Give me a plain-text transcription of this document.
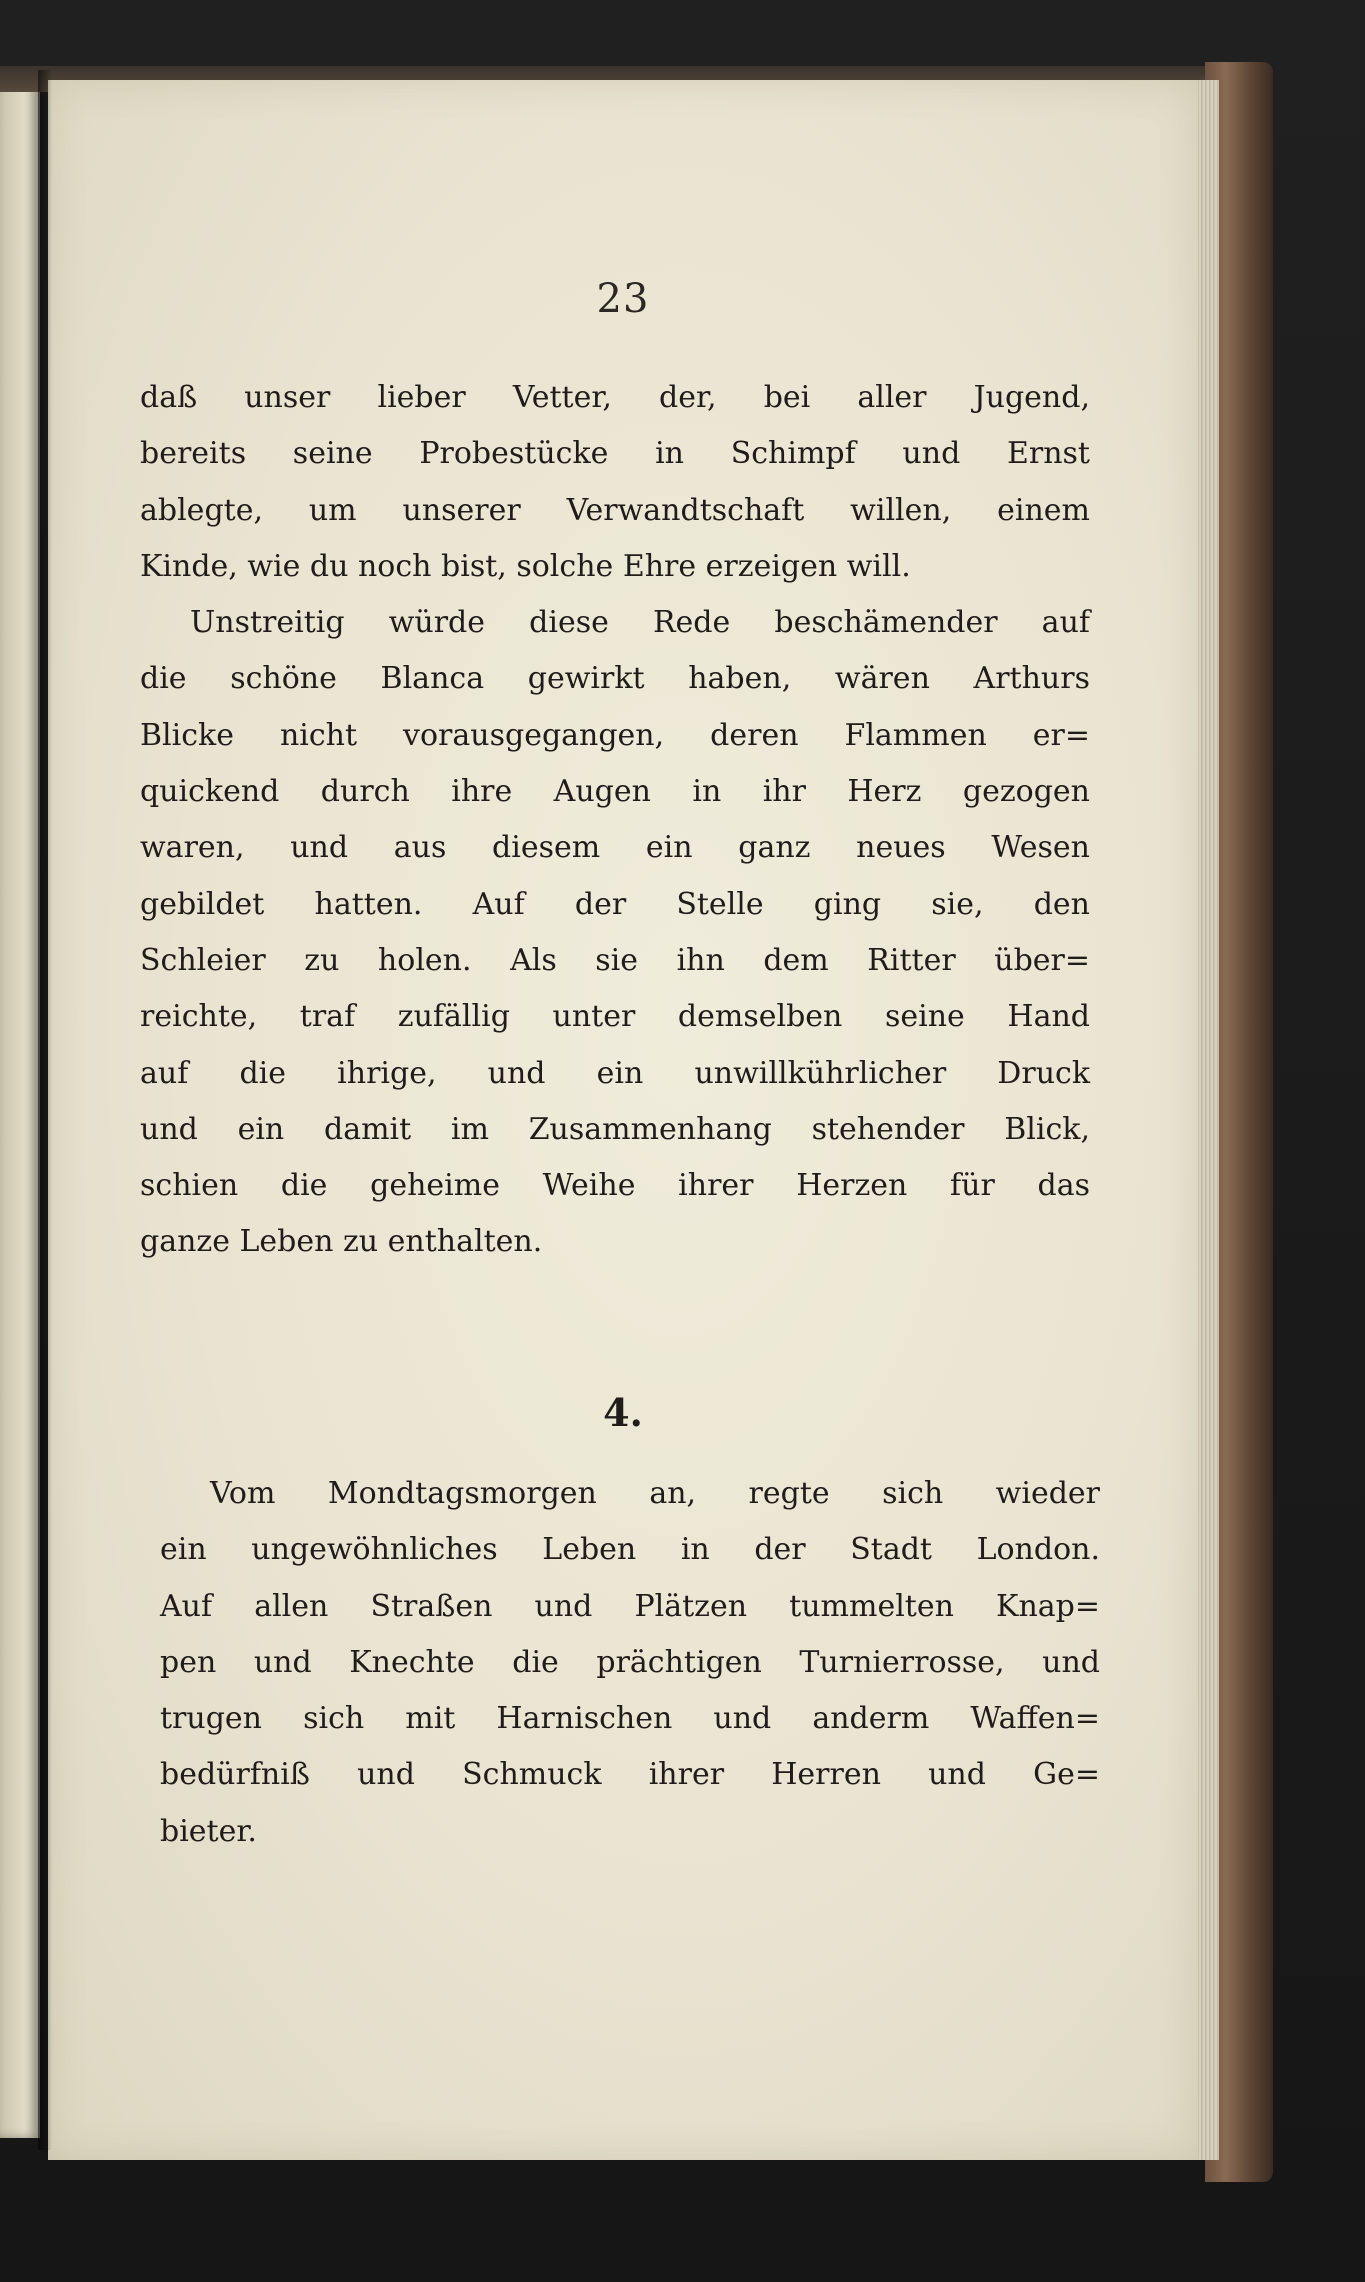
23
daß unser lieber Vetter, der, bei aller Jugend,
bereits seine Probestücke in Schimpf und Ernst
ablegte, um unserer Verwandtschaft willen, einem
Kinde, wie du noch bist, solche Ehre erzeigen will.
Unstreitig würde diese Rede beschämender auf
die schöne Blanca gewirkt haben, wären Arthurs
Blicke nicht vorausgegangen, deren Flammen er=
quickend durch ihre Augen in ihr Herz gezogen
waren, und aus diesem ein ganz neues Wesen
gebildet hatten. Auf der Stelle ging sie, den
Schleier zu holen. Als sie ihn dem Ritter über=
reichte, traf zufällig unter demselben seine Hand
auf die ihrige, und ein unwillkührlicher Druck
und ein damit im Zusammenhang stehender Blick,
schien die geheime Weihe ihrer Herzen für das
ganze Leben zu enthalten.
4.
Vom Mondtagsmorgen an, regte sich wieder
ein ungewöhnliches Leben in der Stadt London.
Auf allen Straßen und Plätzen tummelten Knap=
pen und Knechte die prächtigen Turnierrosse, und
trugen sich mit Harnischen und anderm Waffen=
bedürfniß und Schmuck ihrer Herren und Ge=
bieter.
